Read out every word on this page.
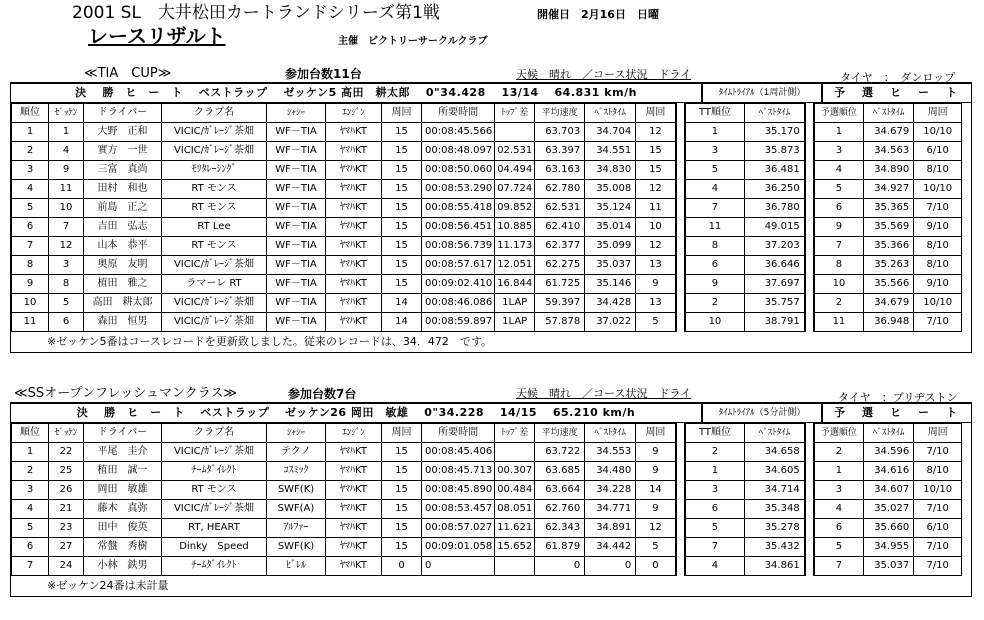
2001 SL　大井松田カートランドシリーズ第1戦	開催日　2月16日　日曜
レースリザルト	主催　ビクトリーサークルクラブ
≪TIA　CUP≫	参加台数11台	天候　晴れ　／コース状況　ドライ	タイヤ　：　ダンロップ
決　 勝　ヒ　ー　ト　 ベストラップ　 ゼッケン5 高田　耕太郎　 0"34.428　 13/14　 64.831 km/h	ﾀｲﾑﾄﾗｲｱﾙ（1周計側）	予　選　ヒ　ー　ト
順位	ｾﾞｯｹﾝ	ドライバー	クラブ名	ｼｬｼｰ	ｴﾝｼﾞﾝ	周回	所要時間	ﾄｯﾌﾟ差	平均速度	ﾍﾞｽﾄﾀｲﾑ	周回		TT順位	ﾍﾞｽﾄﾀｲﾑ		予選順位	ﾍﾞｽﾄﾀｲﾑ	周回
1	1	大野　正和	VICIC/ｶﾞﾚｰｼﾞ茶畑	WF－TIA	ﾔﾏﾊKT	15	00:08:45.566		63.703	34.704	12		1	35.170		1	34.679	10/10
2	4	實方　一世	VICIC/ｶﾞﾚｰｼﾞ茶畑	WF－TIA	ﾔﾏﾊKT	15	00:08:48.097	02.531	63.397	34.551	15		3	35.873		3	34.563	6/10
3	9	三富　真尚	ﾓﾘﾀﾚｰｼﾝｸﾞ	WF－TIA	ﾔﾏﾊKT	15	00:08:50.060	04.494	63.163	34.830	15		5	36.481		4	34.890	8/10
4	11	田村　和也	RT モンス	WF－TIA	ﾔﾏﾊKT	15	00:08:53.290	07.724	62.780	35.008	12		4	36.250		5	34.927	10/10
5	10	前島　正之	RT モンス	WF－TIA	ﾔﾏﾊKT	15	00:08:55.418	09.852	62.531	35.124	11		7	36.780		6	35.365	7/10
6	7	吉田　弘志	RT Lee	WF－TIA	ﾔﾏﾊKT	15	00:08:56.451	10.885	62.410	35.014	10		11	49.015		9	35.569	9/10
7	12	山本　恭平	RT モンス	WF－TIA	ﾔﾏﾊKT	15	00:08:56.739	11.173	62.377	35.099	12		8	37.203		7	35.366	8/10
8	3	奥原　友明	VICIC/ｶﾞﾚｰｼﾞ茶畑	WF－TIA	ﾔﾏﾊKT	15	00:08:57.617	12.051	62.275	35.037	13		6	36.646		8	35.263	8/10
9	8	植田　雅之	ラマーレ RT	WF－TIA	ﾔﾏﾊKT	15	00:09:02.410	16.844	61.725	35.146	9		9	37.697		10	35.566	9/10
10	5	高田　耕太郎	VICIC/ｶﾞﾚｰｼﾞ茶畑	WF－TIA	ﾔﾏﾊKT	14	00:08:46.086	1LAP	59.397	34.428	13		2	35.757		2	34.679	10/10
11	6	森田　恒男	VICIC/ｶﾞﾚｰｼﾞ茶畑	WF－TIA	ﾔﾏﾊKT	14	00:08:59.897	1LAP	57.878	37.022	5		10	38.791		11	36.948	7/10
※ゼッケン5番はコースレコードを更新致しました。従来のレコードは、34．472　です。
≪SSオープンフレッシュマンクラス≫	参加台数7台	天候　晴れ　／コース状況　ドライ	タイヤ　：ブリヂストン
決　 勝　ヒ　ー　ト　 ベストラップ　 ゼッケン26 岡田　敏雄　 0"34.228　 14/15　 65.210 km/h	ﾀｲﾑﾄﾗｲｱﾙ（5分計側）	予　選　ヒ　ー　ト
順位	ｾﾞｯｹﾝ	ドライバー	クラブ名	ｼｬｼｰ	ｴﾝｼﾞﾝ	周回	所要時間	ﾄｯﾌﾟ差	平均速度	ﾍﾞｽﾄﾀｲﾑ	周回		TT順位	ﾍﾞｽﾄﾀｲﾑ		予選順位	ﾍﾞｽﾄﾀｲﾑ	周回
1	22	平尾　圭介	VICIC/ｶﾞﾚｰｼﾞ茶畑	テクノ	ﾔﾏﾊKT	15	00:08:45.406		63.722	34.553	9		2	34.658		2	34.596	7/10
2	25	植田　誠一	ﾁｰﾑﾀﾞｲﾚｸﾄ	ｺｽﾐｯｸ	ﾔﾏﾊKT	15	00:08:45.713	00.307	63.685	34.480	9		1	34.605		1	34.616	8/10
3	26	岡田　敏雄	RT モンス	SWF(K)	ﾔﾏﾊKT	15	00:08:45.890	00.484	63.664	34.228	14		3	34.714		3	34.607	10/10
4	21	藤木　真弥	VICIC/ｶﾞﾚｰｼﾞ茶畑	SWF(A)	ﾔﾏﾊKT	15	00:08:53.457	08.051	62.760	34.771	9		6	35.348		4	35.027	7/10
5	23	田中　俊英	RT, HEART	ｱﾙﾌｧｰ	ﾔﾏﾊKT	15	00:08:57.027	11.621	62.343	34.891	12		5	35.278		6	35.660	6/10
6	27	常盤　秀樹	Dinky　Speed	SWF(K)	ﾔﾏﾊKT	15	00:09:01.058	15.652	61.879	34.442	5		7	35.432		5	34.955	7/10
7	24	小林　鉄男	ﾁｰﾑﾀﾞｲﾚｸﾄ	ﾋﾞﾚﾙ	ﾔﾏﾊKT	0	0		0	0	0		4	34.861		7	35.037	7/10
※ゼッケン24番は未計量
